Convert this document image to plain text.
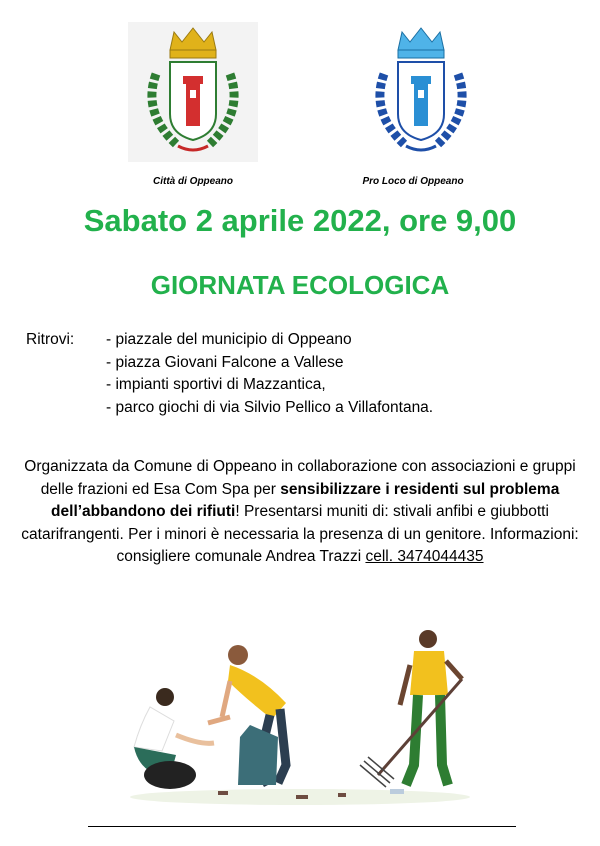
Città di Oppeano	Pro Loco di Oppeano
Sabato 2 aprile 2022, ore 9,00
GIORNATA ECOLOGICA
Ritrovi: - piazzale del municipio di Oppeano
- piazza Giovani Falcone a Vallese
- impianti sportivi di Mazzantica,
- parco giochi di via Silvio Pellico a Villafontana.

Organizzata da Comune di Oppeano in collaborazione con associazioni e gruppi delle frazioni ed Esa Com Spa per sensibilizzare i residenti sul problema dell’abbandono dei rifiuti! Presentarsi muniti di: stivali anfibi e giubbotti catarifrangenti. Per i minori è necessaria la presenza di un genitore. Informazioni: consigliere comunale Andrea Trazzi cell. 3474044435
